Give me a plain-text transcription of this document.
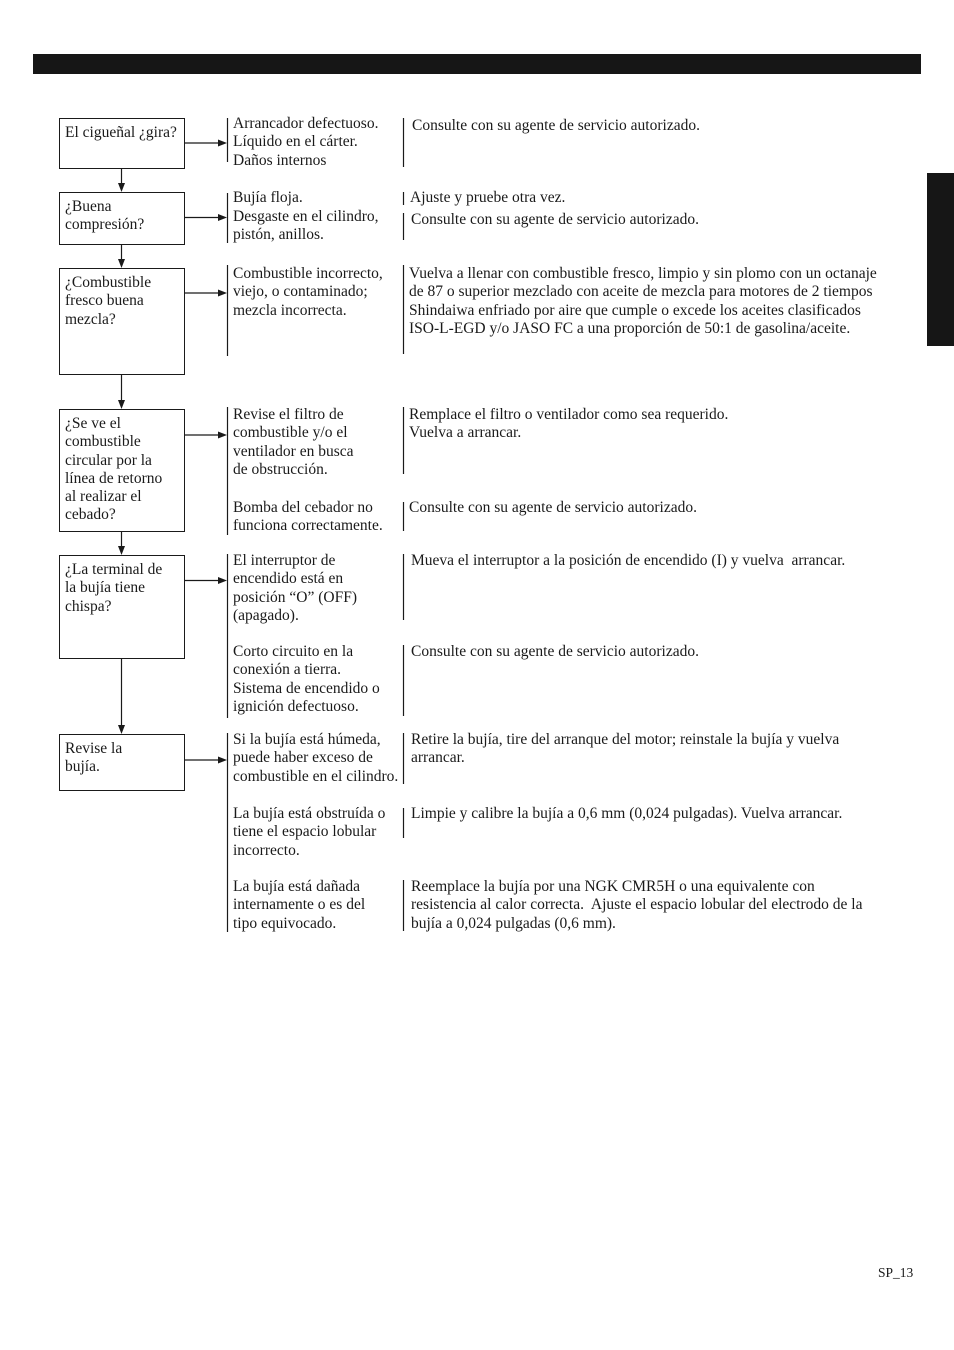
El cigueñal ¿gira?
Arrancador defectuoso.
Líquido en el cárter.
Daños internos
Consulte con su agente de servicio autorizado.
¿Buena
compresión?
Bujía floja.
Desgaste en el cilindro,
pistón, anillos.
Ajuste y pruebe otra vez.
Consulte con su agente de servicio autorizado.
¿Combustible
fresco buena
mezcla?
Combustible incorrecto,
viejo, o contaminado;
mezcla incorrecta.
Vuelva a llenar con combustible fresco, limpio y sin plomo con un octanaje
de 87 o superior mezclado con aceite de mezcla para motores de 2 tiempos
Shindaiwa enfriado por aire que cumple o excede los aceites clasificados
ISO-L-EGD y/o JASO FC a una proporción de 50:1 de gasolina/aceite.
¿Se ve el
combustible
circular por la
línea de retorno
al realizar el
cebado?
Revise el filtro de
combustible y/o el
ventilador en busca
de obstrucción.
Bomba del cebador no
funciona correctamente.
Remplace el filtro o ventilador como sea requerido.
Vuelva a arrancar.
Consulte con su agente de servicio autorizado.
¿La terminal de
la bujía tiene
chispa?
El interruptor de
encendido está en
posición “O” (OFF)
(apagado).
Corto circuito en la
conexión a tierra.
Sistema de encendido o
ignición defectuoso.
Mueva el interruptor a la posición de encendido (I) y vuelva  arrancar.
Consulte con su agente de servicio autorizado.
Revise la
bujía.
Si la bujía está húmeda,
puede haber exceso de
combustible en el cilindro.
La bujía está obstruída o
tiene el espacio lobular
incorrecto.
La bujía está dañada
internamente o es del
tipo equivocado.
Retire la bujía, tire del arranque del motor; reinstale la bujía y vuelva
arrancar.
Limpie y calibre la bujía a 0,6 mm (0,024 pulgadas). Vuelva arrancar.
Reemplace la bujía por una NGK CMR5H o una equivalente con
resistencia al calor correcta.  Ajuste el espacio lobular del electrodo de la
bujía a 0,024 pulgadas (0,6 mm).
SP_13
